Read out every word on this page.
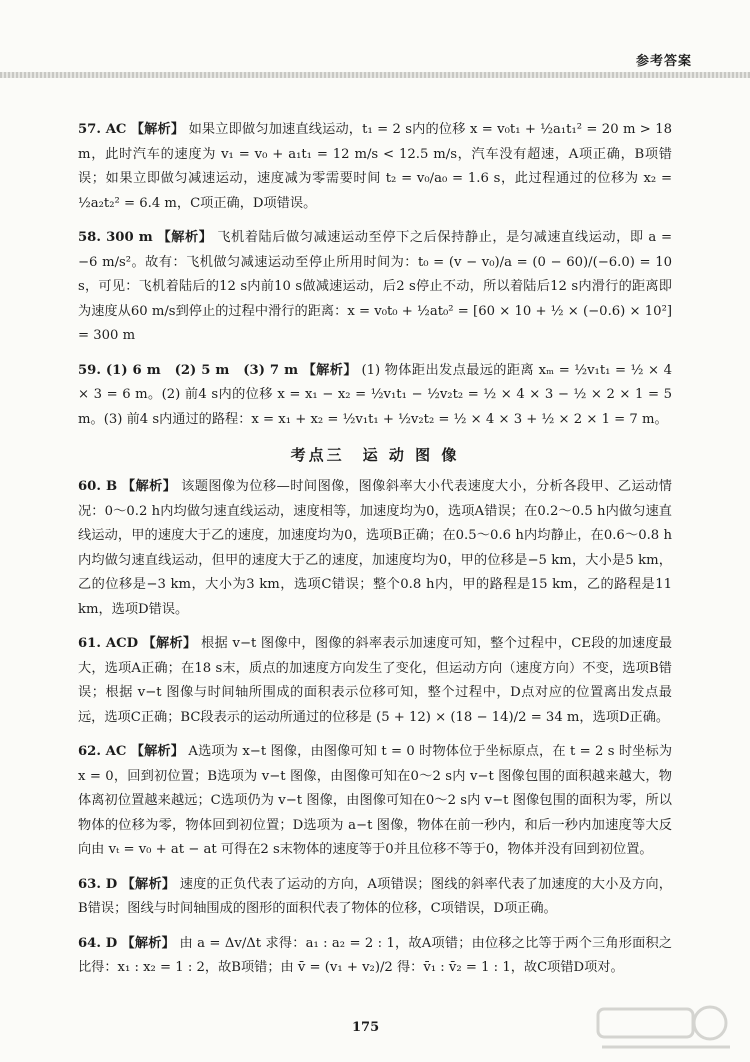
参考答案

57. AC 【解析】 如果立即做匀加速直线运动，t₁ = 2 s内的位移 x = v₀t₁ + ½a₁t₁² = 20 m > 18 m，此时汽车的速度为 v₁ = v₀ + a₁t₁ = 12 m/s < 12.5 m/s，汽车没有超速，A项正确，B项错误；如果立即做匀减速运动，速度减为零需要时间 t₂ = v₀/a₀ = 1.6 s，此过程通过的位移为 x₂ = ½a₂t₂² = 6.4 m，C项正确，D项错误。

58. 300 m 【解析】 飞机着陆后做匀减速运动至停下之后保持静止，是匀减速直线运动，即 a = −6 m/s²。故有：飞机做匀减速运动至停止所用时间为：t₀ = (v − v₀)/a = (0 − 60)/(−6.0) = 10 s，可见：飞机着陆后的12 s内前10 s做减速运动，后2 s停止不动，所以着陆后12 s内滑行的距离即为速度从60 m/s到停止的过程中滑行的距离：x = v₀t₀ + ½at₀² = [60 × 10 + ½ × (−0.6) × 10²] = 300 m

59. (1) 6 m　(2) 5 m　(3) 7 m 【解析】 (1) 物体距出发点最远的距离 xₘ = ½v₁t₁ = ½ × 4 × 3 = 6 m。(2) 前4 s内的位移 x = x₁ − x₂ = ½v₁t₁ − ½v₂t₂ = ½ × 4 × 3 − ½ × 2 × 1 = 5 m。(3) 前4 s内通过的路程：x = x₁ + x₂ = ½v₁t₁ + ½v₂t₂ = ½ × 4 × 3 + ½ × 2 × 1 = 7 m。

考点三　运 动 图 像

60. B 【解析】 该题图像为位移—时间图像，图像斜率大小代表速度大小，分析各段甲、乙运动情况：0～0.2 h内均做匀速直线运动，速度相等，加速度均为0，选项A错误；在0.2～0.5 h内做匀速直线运动，甲的速度大于乙的速度，加速度均为0，选项B正确；在0.5～0.6 h内均静止，在0.6～0.8 h内均做匀速直线运动，但甲的速度大于乙的速度，加速度均为0，甲的位移是−5 km，大小是5 km，乙的位移是−3 km，大小为3 km，选项C错误；整个0.8 h内，甲的路程是15 km，乙的路程是11 km，选项D错误。

61. ACD 【解析】 根据 v−t 图像中，图像的斜率表示加速度可知，整个过程中，CE段的加速度最大，选项A正确；在18 s末，质点的加速度方向发生了变化，但运动方向（速度方向）不变，选项B错误；根据 v−t 图像与时间轴所围成的面积表示位移可知，整个过程中，D点对应的位置离出发点最远，选项C正确；BC段表示的运动所通过的位移是 (5 + 12) × (18 − 14)/2 = 34 m，选项D正确。

62. AC 【解析】 A选项为 x−t 图像，由图像可知 t = 0 时物体位于坐标原点，在 t = 2 s 时坐标为 x = 0，回到初位置；B选项为 v−t 图像，由图像可知在0～2 s内 v−t 图像包围的面积越来越大，物体离初位置越来越远；C选项仍为 v−t 图像，由图像可知在0～2 s内 v−t 图像包围的面积为零，所以物体的位移为零，物体回到初位置；D选项为 a−t 图像，物体在前一秒内，和后一秒内加速度等大反向由 vₜ = v₀ + at − at 可得在2 s末物体的速度等于0并且位移不等于0，物体并没有回到初位置。

63. D 【解析】 速度的正负代表了运动的方向，A项错误；图线的斜率代表了加速度的大小及方向，B错误；图线与时间轴围成的图形的面积代表了物体的位移，C项错误，D项正确。

64. D 【解析】 由 a = Δv/Δt 求得：a₁ : a₂ = 2 : 1，故A项错；由位移之比等于两个三角形面积之比得：x₁ : x₂ = 1 : 2，故B项错；由 v̄ = (v₁ + v₂)/2 得：v̄₁ : v̄₂ = 1 : 1，故C项错D项对。

175
